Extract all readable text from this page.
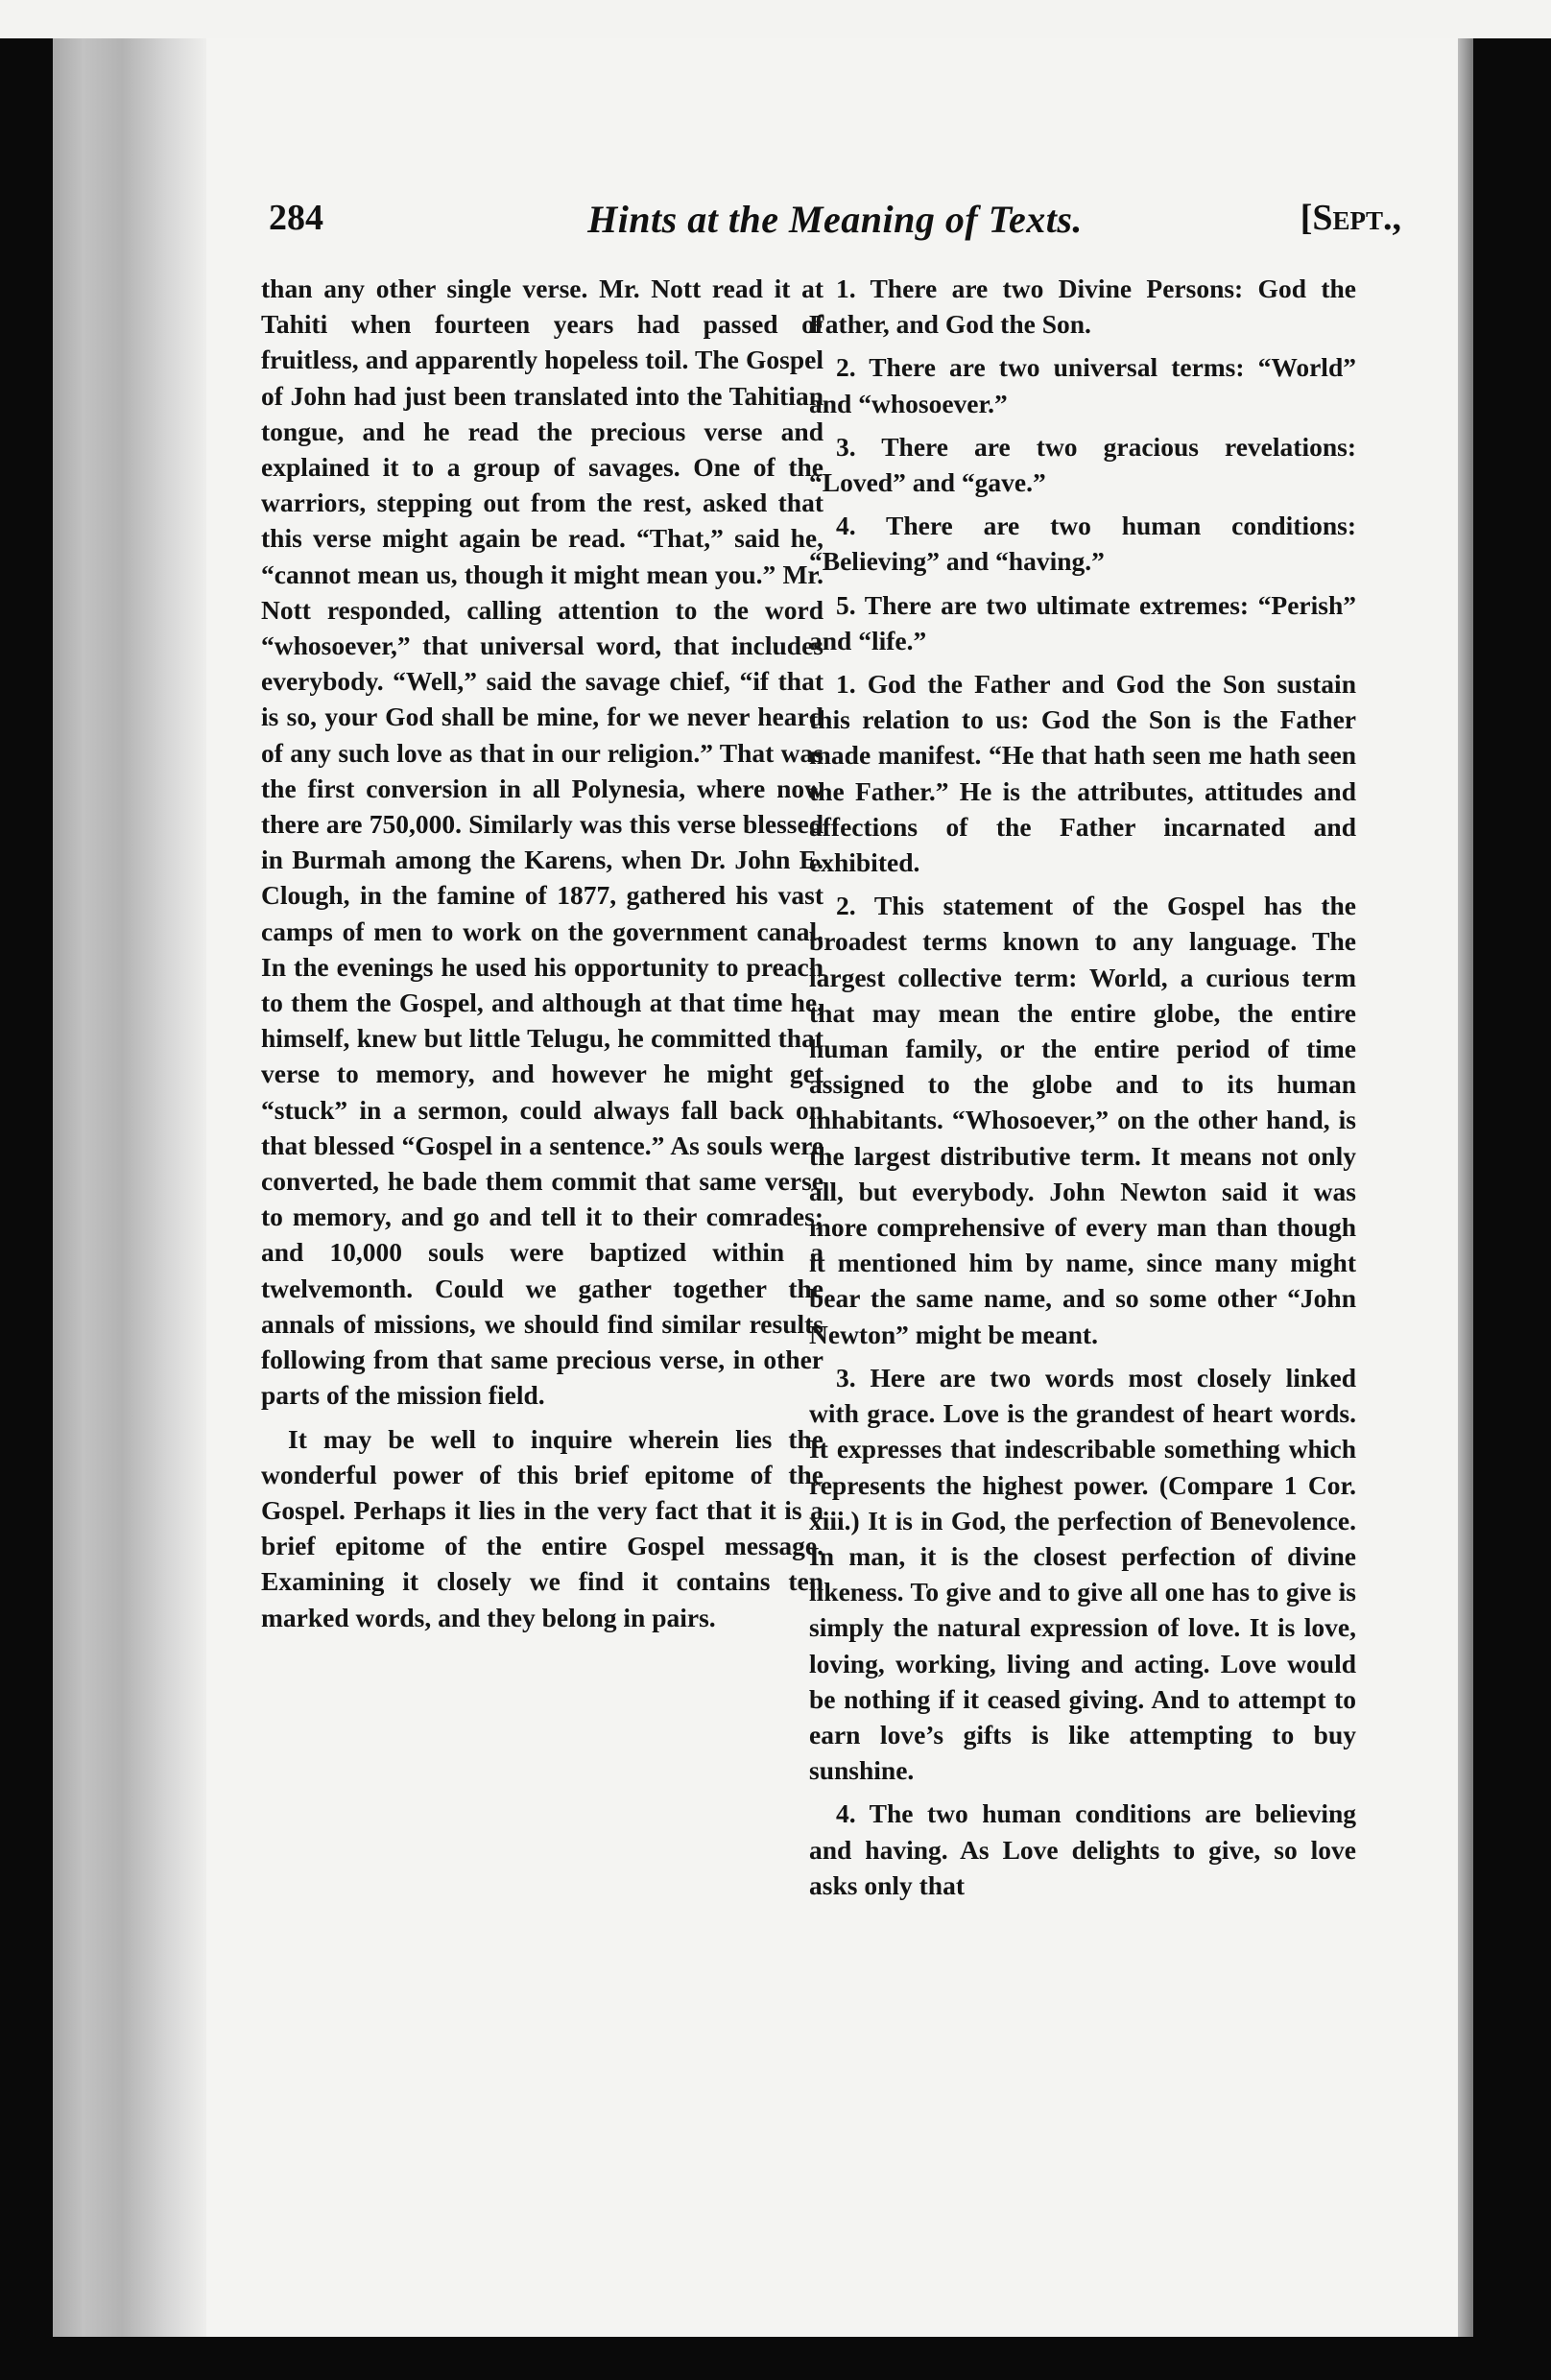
284	Hints at the Meaning of Texts.	[Sept.,

than any other single verse. Mr. Nott read it at Tahiti when fourteen years had passed of fruitless, and apparently hopeless toil. The Gospel of John had just been translated into the Tahitian tongue, and he read the precious verse and explained it to a group of savages. One of the warriors, stepping out from the rest, asked that this verse might again be read. “That,” said he, “cannot mean us, though it might mean you.” Mr. Nott responded, calling attention to the word “whosoever,” that universal word, that includes everybody. “Well,” said the savage chief, “if that is so, your God shall be mine, for we never heard of any such love as that in our religion.” That was the first conversion in all Polynesia, where now there are 750,000. Similarly was this verse blessed in Burmah among the Karens, when Dr. John E. Clough, in the famine of 1877, gathered his vast camps of men to work on the government canal. In the evenings he used his opportunity to preach to them the Gospel, and although at that time he, himself, knew but little Telugu, he committed that verse to memory, and however he might get “stuck” in a sermon, could always fall back on that blessed “Gospel in a sentence.” As souls were converted, he bade them commit that same verse to memory, and go and tell it to their comrades; and 10,000 souls were baptized within a twelvemonth. Could we gather together the annals of missions, we should find similar results following from that same precious verse, in other parts of the mission field.

It may be well to inquire wherein lies the wonderful power of this brief epitome of the Gospel. Perhaps it lies in the very fact that it is a brief epitome of the entire Gospel message. Examining it closely we find it contains ten marked words, and they belong in pairs.

1. There are two Divine Persons: God the Father, and God the Son.

2. There are two universal terms: “World” and “whosoever.”

3. There are two gracious revelations: “Loved” and “gave.”

4. There are two human conditions: “Believing” and “having.”

5. There are two ultimate extremes: “Perish” and “life.”

1. God the Father and God the Son sustain this relation to us: God the Son is the Father made manifest. “He that hath seen me hath seen the Father.” He is the attributes, attitudes and affections of the Father incarnated and exhibited.

2. This statement of the Gospel has the broadest terms known to any language. The largest collective term: World, a curious term that may mean the entire globe, the entire human family, or the entire period of time assigned to the globe and to its human inhabitants. “Whosoever,” on the other hand, is the largest distributive term. It means not only all, but everybody. John Newton said it was more comprehensive of every man than though it mentioned him by name, since many might bear the same name, and so some other “John Newton” might be meant.

3. Here are two words most closely linked with grace. Love is the grandest of heart words. It expresses that indescribable something which represents the highest power. (Compare 1 Cor. xiii.) It is in God, the perfection of Benevolence. In man, it is the closest perfection of divine likeness. To give and to give all one has to give is simply the natural expression of love. It is love, loving, working, living and acting. Love would be nothing if it ceased giving. And to attempt to earn love’s gifts is like attempting to buy sunshine.

4. The two human conditions are believing and having. As Love delights to give, so love asks only that
